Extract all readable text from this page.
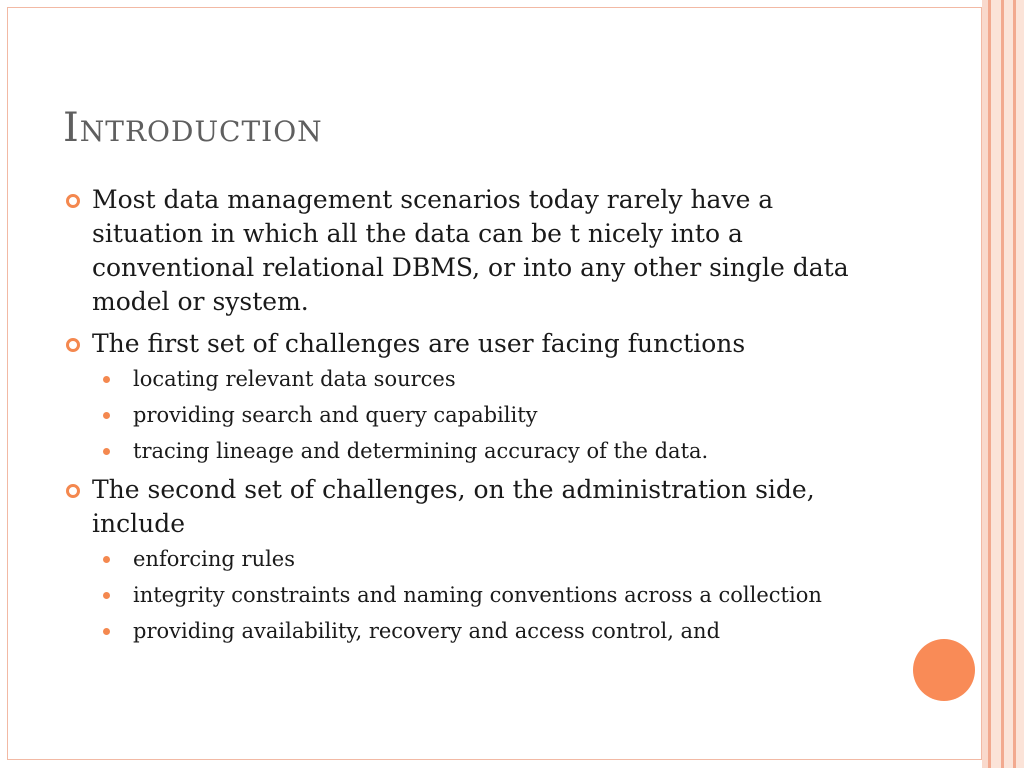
Introduction
Most data management scenarios today rarely have a situation in which all the data can be t nicely into a conventional relational DBMS, or into any other single data model or system.
The first set of challenges are user facing functions
locating relevant data sources
providing search and query capability
tracing lineage and determining accuracy of the data.
The second set of challenges, on the administration side, include
enforcing rules
integrity constraints and naming conventions across a collection
providing availability, recovery and access control, and
